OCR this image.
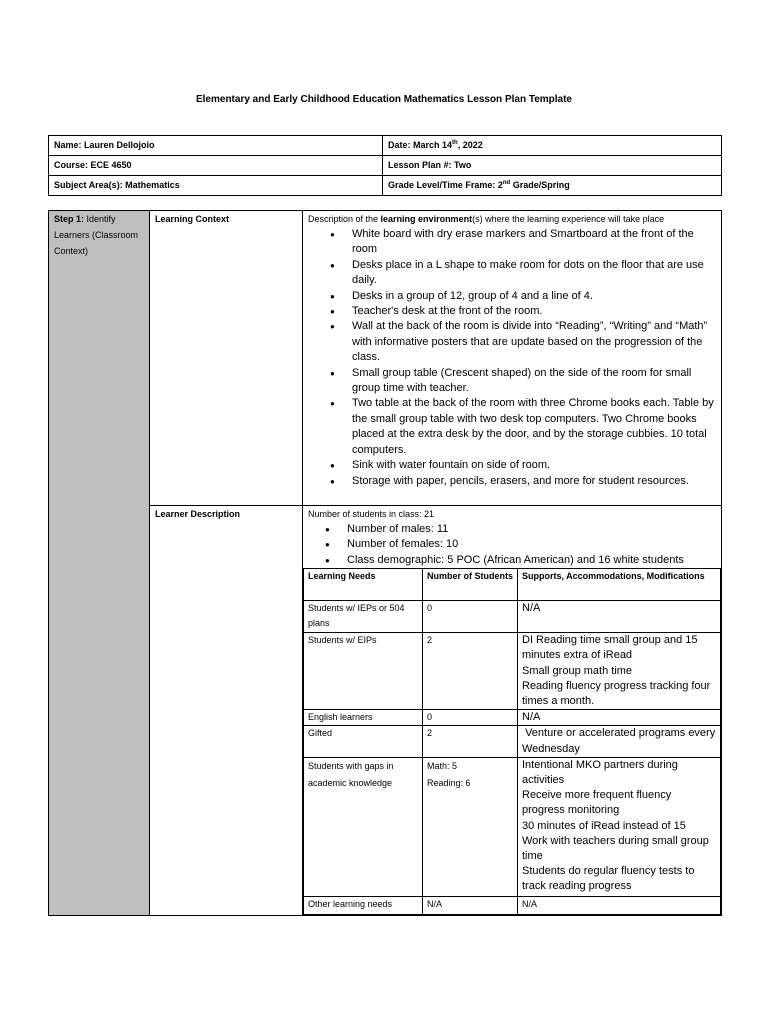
Elementary and Early Childhood Education Mathematics Lesson Plan Template
Name: Lauren Dellojoio	Date: March 14th, 2022
Course: ECE 4650	Lesson Plan #: Two
Subject Area(s): Mathematics	Grade Level/Time Frame: 2nd Grade/Spring
Step 1: Identify Learners (Classroom Context)	Learning Context	Description of the learning environment(s) where the learning experience will take place
● White board with dry erase markers and Smartboard at the front of the room
● Desks place in a L shape to make room for dots on the floor that are use daily.
● Desks in a group of 12, group of 4 and a line of 4.
● Teacher's desk at the front of the room.
● Wall at the back of the room is divide into “Reading”, “Writing” and “Math” with informative posters that are update based on the progression of the class.
● Small group table (Crescent shaped) on the side of the room for small group time with teacher.
● Two table at the back of the room with three Chrome books each. Table by the small group table with two desk top computers. Two Chrome books placed at the extra desk by the door, and by the storage cubbies. 10 total computers.
● Sink with water fountain on side of room.
● Storage with paper, pencils, erasers, and more for student resources.

Learner Description	Number of students in class: 21
● Number of males: 11
● Number of females: 10
● Class demographic: 5 POC (African American) and 16 white students
Learning Needs	Number of Students	Supports, Accommodations, Modifications
Students w/ IEPs or 504 plans	0	N/A
Students w/ EIPs	2	DI Reading time small group and 15 minutes extra of iRead
Small group math time
Reading fluency progress tracking four times a month.
English learners	0	N/A
Gifted	2	Venture or accelerated programs every Wednesday
Students with gaps in academic knowledge	Math: 5
Reading: 6	Intentional MKO partners during activities
Receive more frequent fluency progress monitoring
30 minutes of iRead instead of 15
Work with teachers during small group time
Students do regular fluency tests to track reading progress
Other learning needs	N/A	N/A
